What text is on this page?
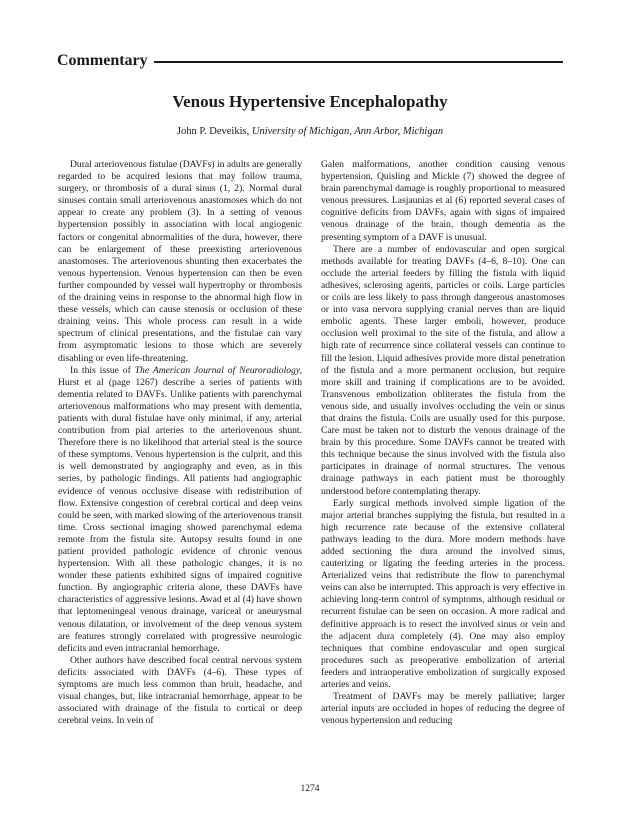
Commentary
Venous Hypertensive Encephalopathy
John P. Deveikis, University of Michigan, Ann Arbor, Michigan

Dural arteriovenous fistulae (DAVFs) in adults are generally regarded to be acquired lesions that may follow trauma, surgery, or thrombosis of a dural sinus (1, 2). Normal dural sinuses contain small arteriovenous anastomoses which do not appear to create any problem (3). In a setting of venous hypertension possibly in association with local angiogenic factors or congenital abnormalities of the dura, however, there can be enlargement of these preexisting arteriovenous anastomoses. The arteriovenous shunting then exacerbates the venous hypertension. Venous hypertension can then be even further compounded by vessel wall hypertrophy or thrombosis of the draining veins in response to the abnormal high flow in these vessels, which can cause stenosis or occlusion of these draining veins. This whole process can result in a wide spectrum of clinical presentations, and the fistulae can vary from asymptomatic lesions to those which are severely disabling or even life-threatening.

In this issue of The American Journal of Neuroradiology, Hurst et al (page 1267) describe a series of patients with dementia related to DAVFs. Unlike patients with parenchymal arteriovenous malformations who may present with dementia, patients with dural fistulae have only minimal, if any, arterial contribution from pial arteries to the arteriovenous shunt. Therefore there is no likelihood that arterial steal is the source of these symptoms. Venous hypertension is the culprit, and this is well demonstrated by angiography and even, as in this series, by pathologic findings. All patients had angiographic evidence of venous occlusive disease with redistribution of flow. Extensive congestion of cerebral cortical and deep veins could be seen, with marked slowing of the arteriovenous transit time. Cross sectional imaging showed parenchymal edema remote from the fistula site. Autopsy results found in one patient provided pathologic evidence of chronic venous hypertension. With all these pathologic changes, it is no wonder these patients exhibited signs of impaired cognitive function. By angiographic criteria alone, these DAVFs have characteristics of aggressive lesions. Awad et al (4) have shown that leptomeningeal venous drainage, variceal or aneurysmal venous dilatation, or involvement of the deep venous system are features strongly correlated with progressive neurologic deficits and even intracranial hemorrhage.

Other authors have described focal central nervous system deficits associated with DAVFs (4–6). These types of symptoms are much less common than bruit, headache, and visual changes, but, like intracranial hemorrhage, appear to be associated with drainage of the fistula to cortical or deep cerebral veins. In vein of

Galen malformations, another condition causing venous hypertension, Quisling and Mickle (7) showed the degree of brain parenchymal damage is roughly proportional to measured venous pressures. Lasjaunias et al (6) reported several cases of cognitive deficits from DAVFs, again with signs of impaired venous drainage of the brain, though dementia as the presenting symptom of a DAVF is unusual.

There are a number of endovascular and open surgical methods available for treating DAVFs (4–6, 8–10). One can occlude the arterial feeders by filling the fistula with liquid adhesives, sclerosing agents, particles or coils. Large particles or coils are less likely to pass through dangerous anastomoses or into vasa nervora supplying cranial nerves than are liquid embolic agents. These larger emboli, however, produce occlusion well proximal to the site of the fistula, and allow a high rate of recurrence since collateral vessels can continue to fill the lesion. Liquid adhesives provide more distal penetration of the fistula and a more permanent occlusion, but require more skill and training if complications are to be avoided. Transvenous embolization obliterates the fistula from the venous side, and usually involves occluding the vein or sinus that drains the fistula. Coils are usually used for this purpose. Care must be taken not to disturb the venous drainage of the brain by this procedure. Some DAVFs cannot be treated with this technique because the sinus involved with the fistula also participates in drainage of normal structures. The venous drainage pathways in each patient must be thoroughly understood before contemplating therapy.

Early surgical methods involved simple ligation of the major arterial branches supplying the fistula, but resulted in a high recurrence rate because of the extensive collateral pathways leading to the dura. More modern methods have added sectioning the dura around the involved sinus, cauterizing or ligating the feeding arteries in the process. Arterialized veins that redistribute the flow to parenchymal veins can also be interrupted. This approach is very effective in achieving long-term control of symptoms, although residual or recurrent fistulae can be seen on occasion. A more radical and definitive approach is to resect the involved sinus or vein and the adjacent dura completely (4). One may also employ techniques that combine endovascular and open surgical procedures such as preoperative embolization of arterial feeders and intraoperative embolization of surgically exposed arteries and veins.

Treatment of DAVFs may be merely palliative; larger arterial inputs are occluded in hopes of reducing the degree of venous hypertension and reducing

1274
